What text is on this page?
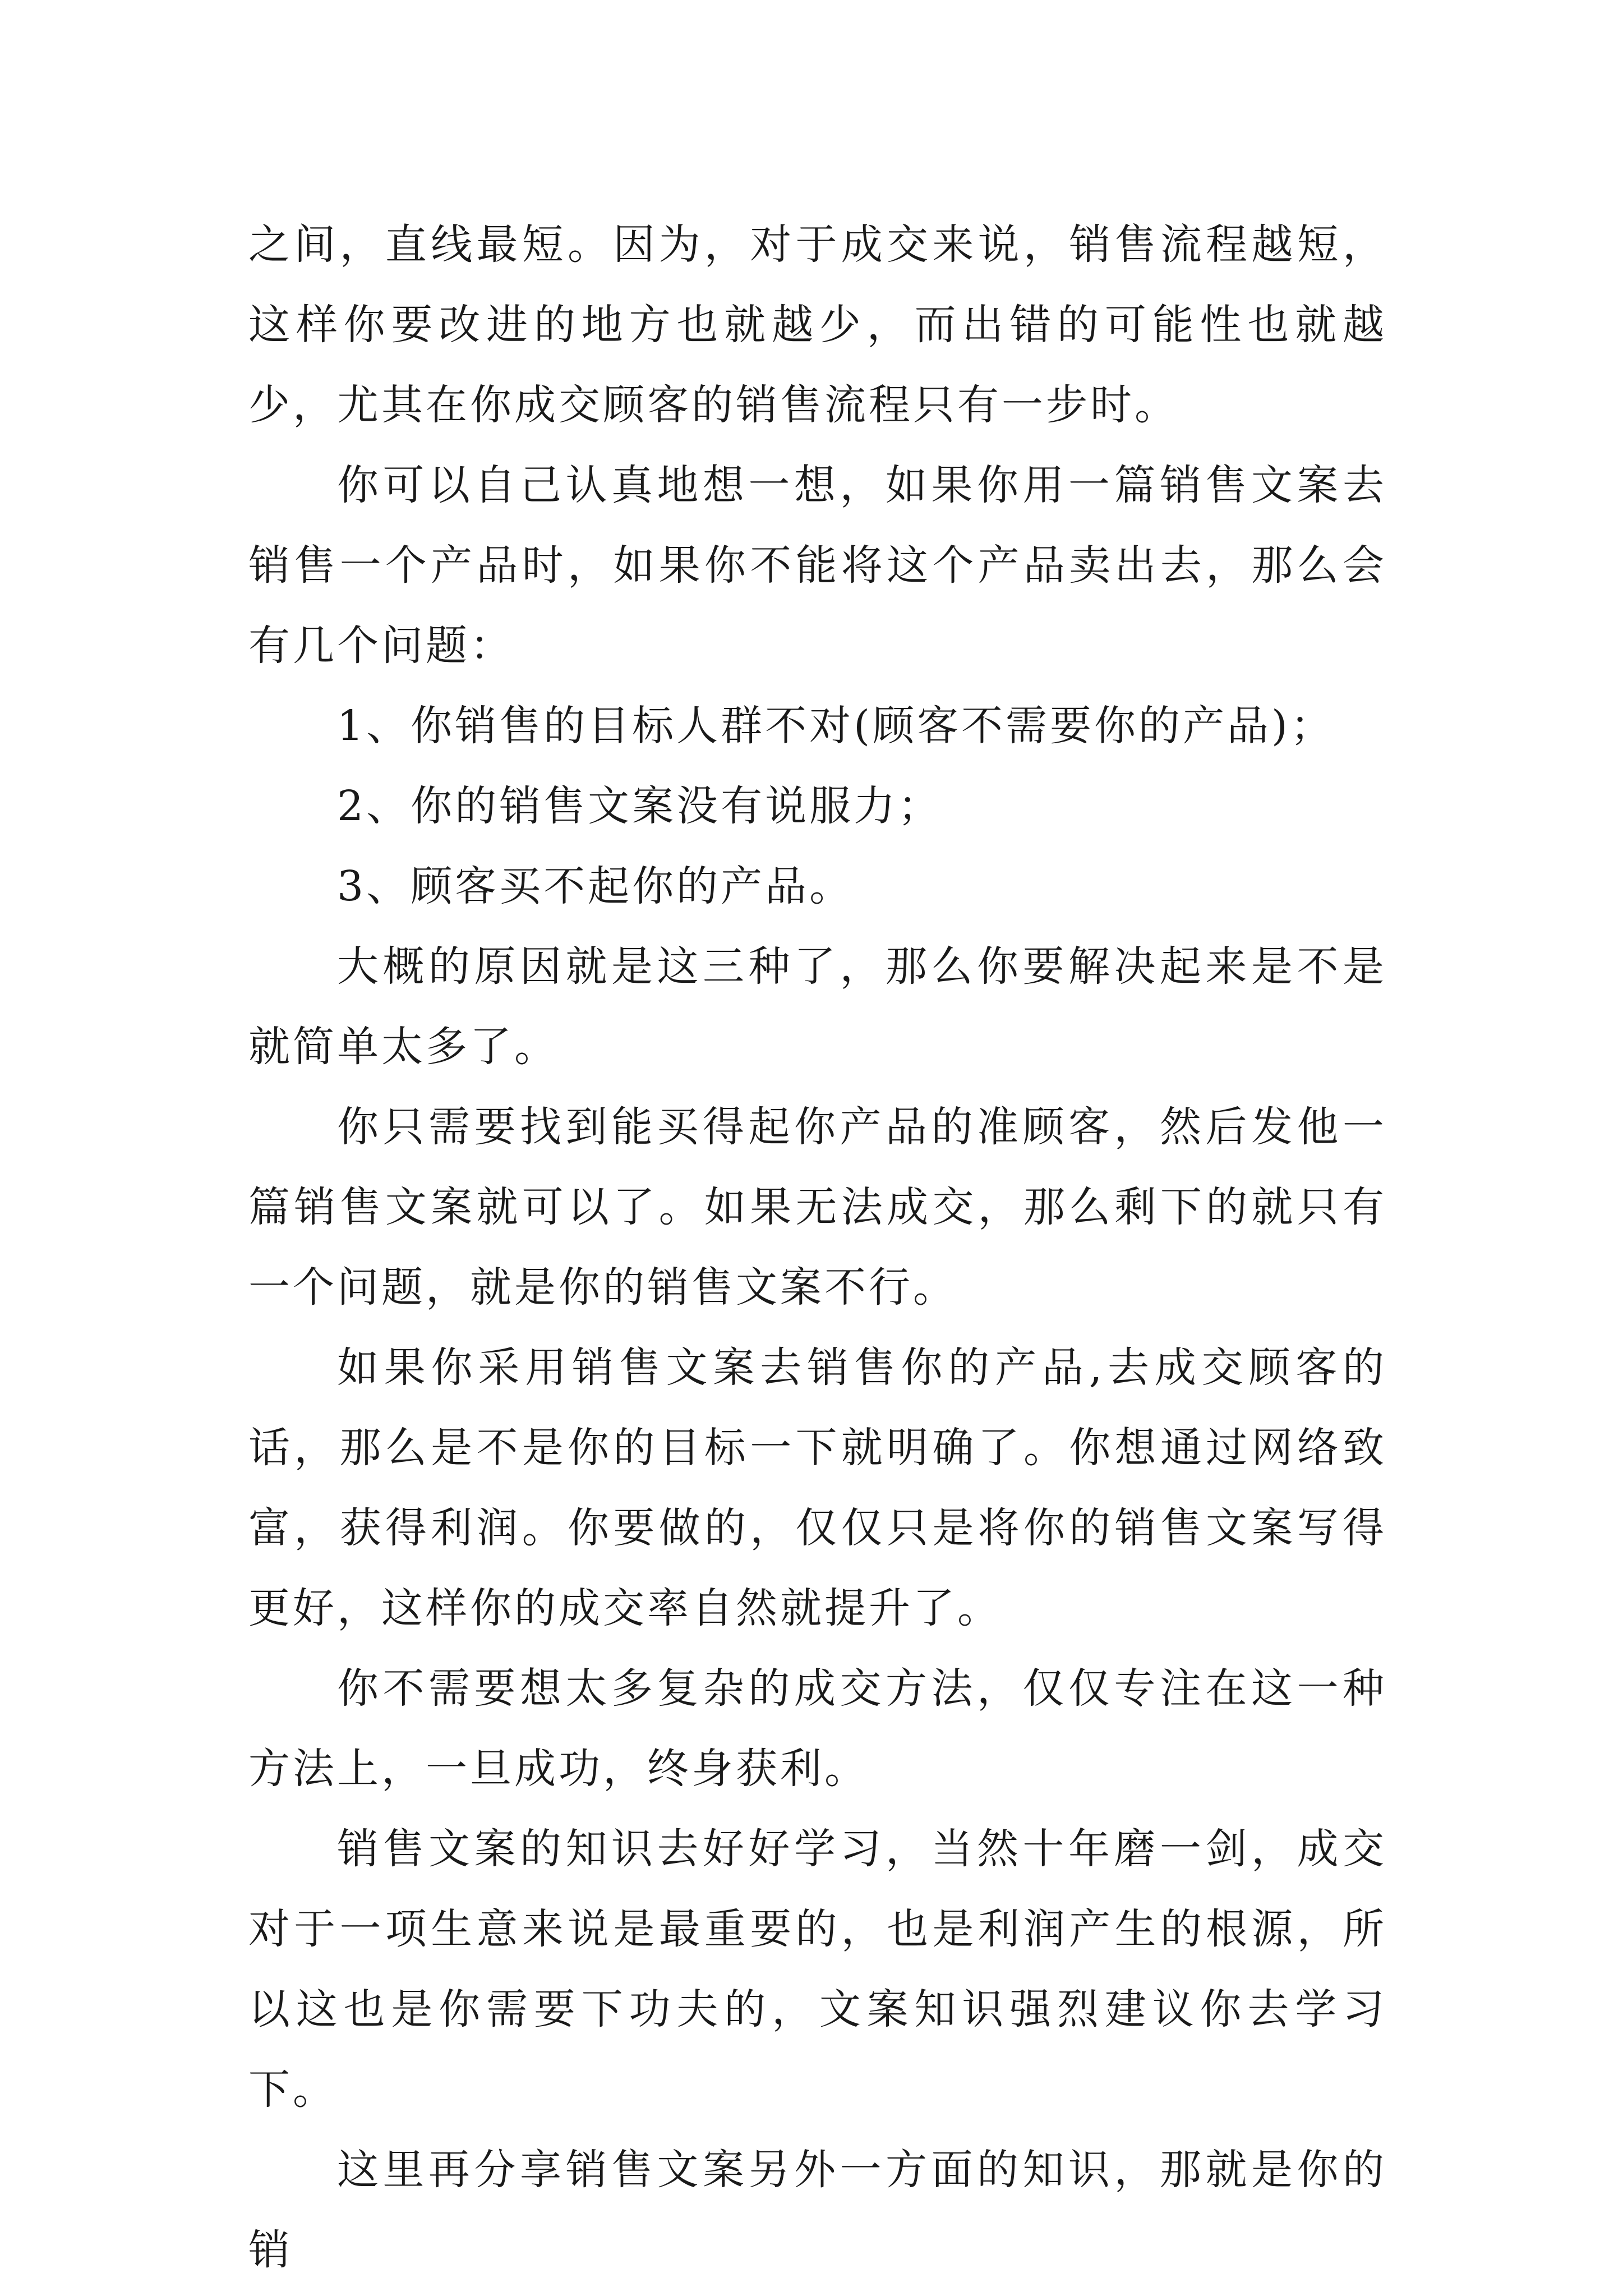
之间，直线最短。因为，对于成交来说，销售流程越短，这样你要改进的地方也就越少，而出错的可能性也就越少，尤其在你成交顾客的销售流程只有一步时。

你可以自己认真地想一想，如果你用一篇销售文案去销售一个产品时，如果你不能将这个产品卖出去，那么会有几个问题：

1、你销售的目标人群不对(顾客不需要你的产品)；

2、你的销售文案没有说服力；

3、顾客买不起你的产品。

大概的原因就是这三种了，那么你要解决起来是不是就简单太多了。

你只需要找到能买得起你产品的准顾客，然后发他一篇销售文案就可以了。如果无法成交，那么剩下的就只有一个问题，就是你的销售文案不行。

如果你采用销售文案去销售你的产品,去成交顾客的话，那么是不是你的目标一下就明确了。你想通过网络致富，获得利润。你要做的，仅仅只是将你的销售文案写得更好，这样你的成交率自然就提升了。

你不需要想太多复杂的成交方法，仅仅专注在这一种方法上，一旦成功，终身获利。

销售文案的知识去好好学习，当然十年磨一剑，成交对于一项生意来说是最重要的，也是利润产生的根源，所以这也是你需要下功夫的，文案知识强烈建议你去学习下。

这里再分享销售文案另外一方面的知识，那就是你的销
